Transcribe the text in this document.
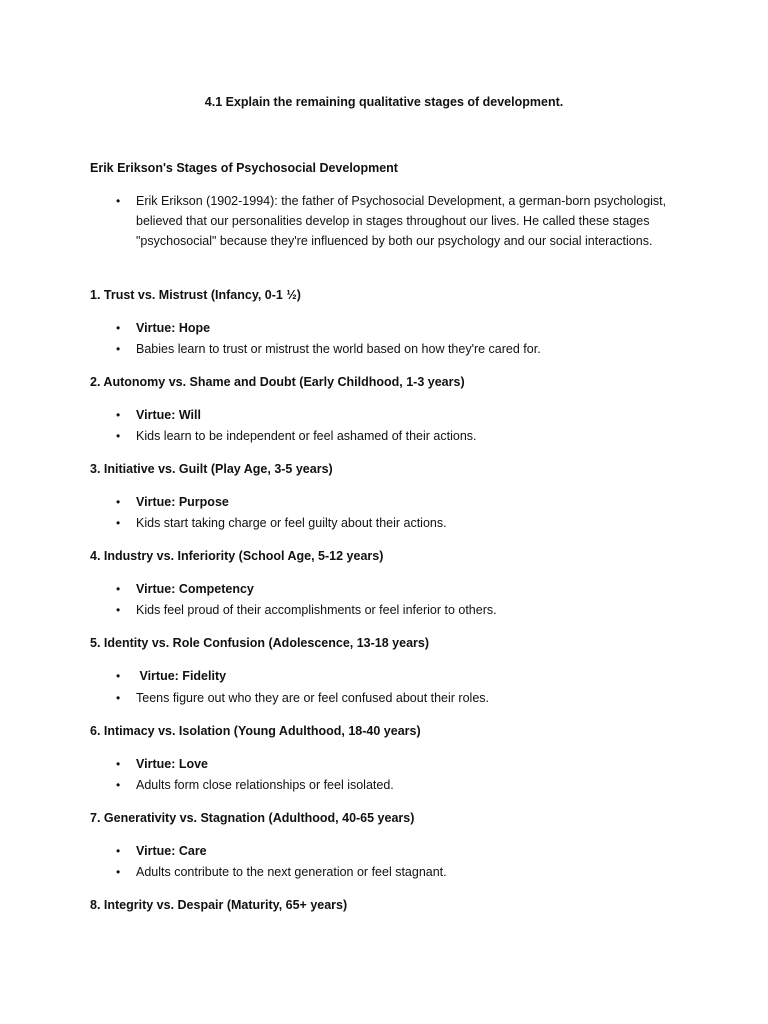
4.1 Explain the remaining qualitative stages of development.
Erik Erikson's Stages of Psychosocial Development
• Erik Erikson (1902-1994): the father of Psychosocial Development, a german-born psychologist, believed that our personalities develop in stages throughout our lives. He called these stages "psychosocial" because they're influenced by both our psychology and our social interactions.
1. Trust vs. Mistrust (Infancy, 0-1 ½)
• Virtue: Hope
• Babies learn to trust or mistrust the world based on how they're cared for.
2. Autonomy vs. Shame and Doubt (Early Childhood, 1-3 years)
• Virtue: Will
• Kids learn to be independent or feel ashamed of their actions.
3. Initiative vs. Guilt (Play Age, 3-5 years)
• Virtue: Purpose
• Kids start taking charge or feel guilty about their actions.
4. Industry vs. Inferiority (School Age, 5-12 years)
• Virtue: Competency
• Kids feel proud of their accomplishments or feel inferior to others.
5. Identity vs. Role Confusion (Adolescence, 13-18 years)
• Virtue: Fidelity
• Teens figure out who they are or feel confused about their roles.
6. Intimacy vs. Isolation (Young Adulthood, 18-40 years)
• Virtue: Love
• Adults form close relationships or feel isolated.
7. Generativity vs. Stagnation (Adulthood, 40-65 years)
• Virtue: Care
• Adults contribute to the next generation or feel stagnant.
8. Integrity vs. Despair (Maturity, 65+ years)
